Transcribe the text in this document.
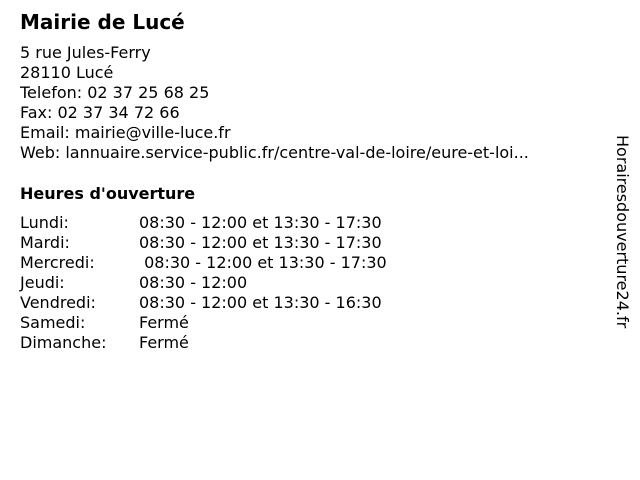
Mairie de Lucé
5 rue Jules-Ferry
28110 Lucé
Telefon: 02 37 25 68 25
Fax: 02 37 34 72 66
Email: mairie@ville-luce.fr
Web: lannuaire.service-public.fr/centre-val-de-loire/eure-et-loi...
Heures d'ouverture
Lundi:	08:30 - 12:00 et 13:30 - 17:30
Mardi:	08:30 - 12:00 et 13:30 - 17:30
Mercredi:	08:30 - 12:00 et 13:30 - 17:30
Jeudi:	08:30 - 12:00
Vendredi:	08:30 - 12:00 et 13:30 - 16:30
Samedi:	Fermé
Dimanche: Fermé
Horairesdouverture24.fr
